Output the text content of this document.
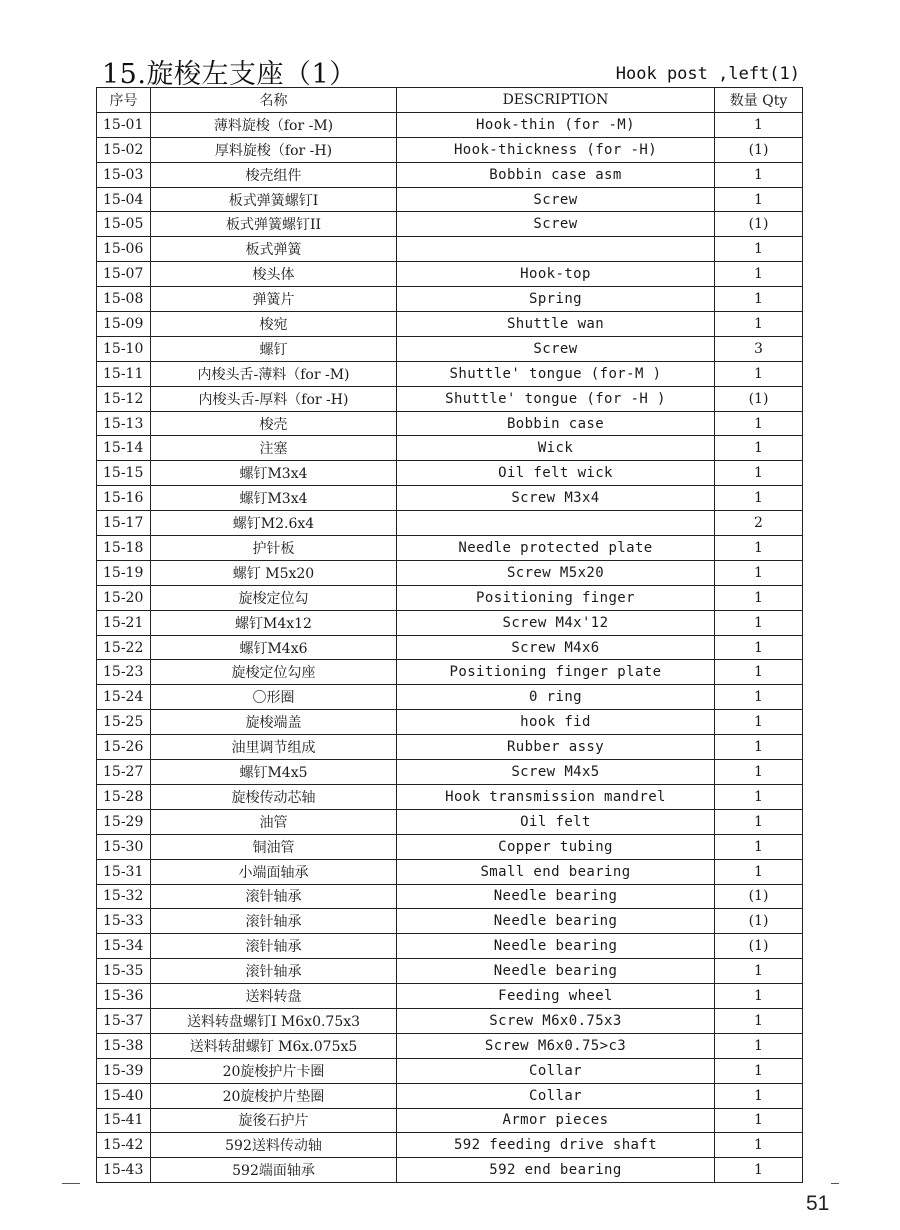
15.旋梭左支座（1）	Hook post ,left(1)
序号	名称	DESCRIPTION	数量 Qty
15-01	薄料旋梭（for -M)	Hook-thin (for -M)	1
15-02	厚料旋梭（for -H)	Hook-thickness (for -H)	(1)
15-03	梭壳组件	Bobbin case asm	1
15-04	板式弹簧螺钉I	Screw	1
15-05	板式弹簧螺钉II	Screw	(1)
15-06	板式弹簧		1
15-07	梭头体	Hook-top	1
15-08	弹簧片	Spring	1
15-09	梭宛	Shuttle wan	1
15-10	螺钉	Screw	3
15-11	内梭头舌-薄料（for -M)	Shuttle' tongue (for-M )	1
15-12	内梭头舌-厚料（for -H)	Shuttle' tongue (for -H )	(1)
15-13	梭壳	Bobbin case	1
15-14	注塞	Wick	1
15-15	螺钉M3x4	Oil felt wick	1
15-16	螺钉M3x4	Screw M3x4	1
15-17	螺钉M2.6x4		2
15-18	护针板	Needle protected plate	1
15-19	螺钉 M5x20	Screw M5x20	1
15-20	旋梭定位勾	Positioning finger	1
15-21	螺钉M4x12	Screw M4x'12	1
15-22	螺钉M4x6	Screw M4x6	1
15-23	旋梭定位勾座	Positioning finger plate	1
15-24	〇形圈	0 ring	1
15-25	旋梭端盖	hook fid	1
15-26	油里调节组成	Rubber assy	1
15-27	螺钉M4x5	Screw M4x5	1
15-28	旋梭传动芯轴	Hook transmission mandrel	1
15-29	油管	Oil felt	1
15-30	铜油管	Copper tubing	1
15-31	小端面轴承	Small end bearing	1
15-32	滚针轴承	Needle bearing	(1)
15-33	滚针轴承	Needle bearing	(1)
15-34	滚针轴承	Needle bearing	(1)
15-35	滚针轴承	Needle bearing	1
15-36	送料转盘	Feeding wheel	1
15-37	送料转盘螺钉I M6x0.75x3	Screw M6x0.75x3	1
15-38	送料转甜螺钉 M6x.075x5	Screw M6x0.75>c3	1
15-39	20旋梭护片卡圈	Collar	1
15-40	20旋梭护片垫圈	Collar	1
15-41	旋後石护片	Armor pieces	1
15-42	592送料传动轴	592 feeding drive shaft	1
15-43	592端面轴承	592 end bearing	1
51
